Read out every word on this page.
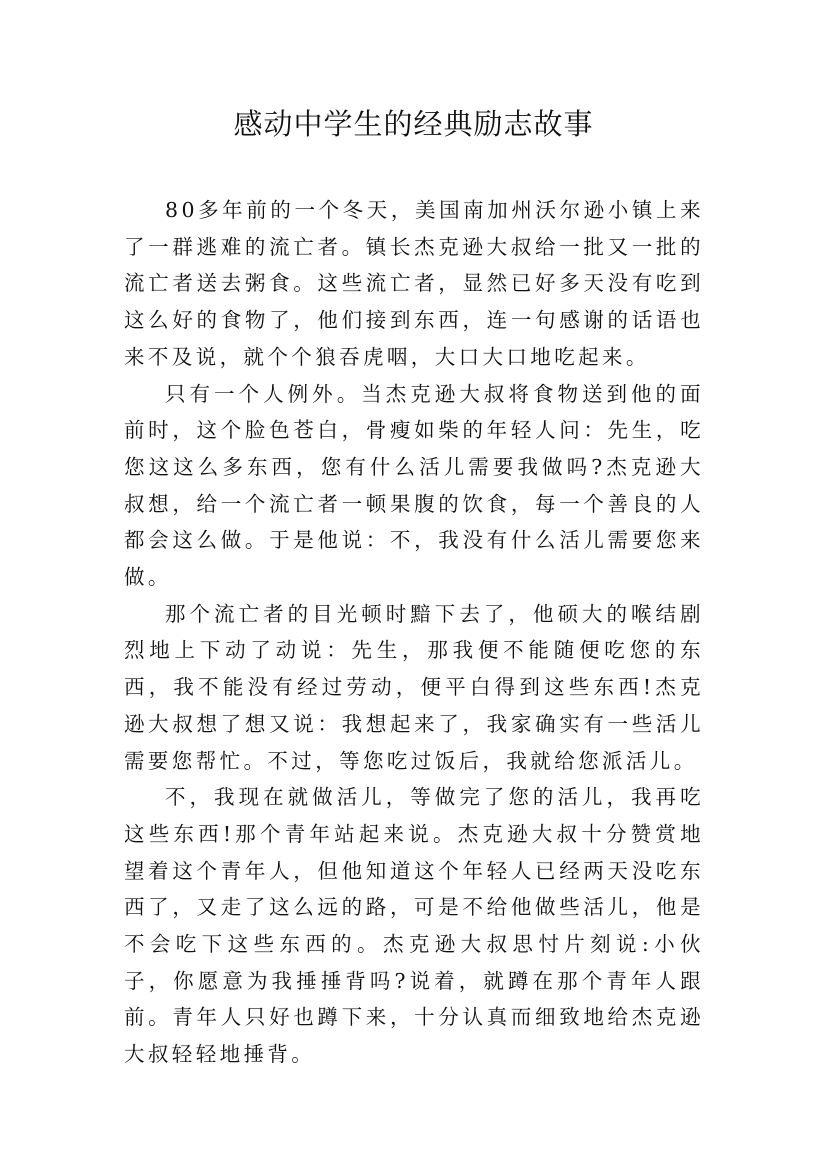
感动中学生的经典励志故事

80多年前的一个冬天，美国南加州沃尔逊小镇上来了一群逃难的流亡者。镇长杰克逊大叔给一批又一批的流亡者送去粥食。这些流亡者，显然已好多天没有吃到这么好的食物了，他们接到东西，连一句感谢的话语也来不及说，就个个狼吞虎咽，大口大口地吃起来。

只有一个人例外。当杰克逊大叔将食物送到他的面前时，这个脸色苍白，骨瘦如柴的年轻人问：先生，吃您这这么多东西，您有什么活儿需要我做吗?杰克逊大叔想，给一个流亡者一顿果腹的饮食，每一个善良的人都会这么做。于是他说：不，我没有什么活儿需要您来做。

那个流亡者的目光顿时黯下去了，他硕大的喉结剧烈地上下动了动说：先生，那我便不能随便吃您的东西，我不能没有经过劳动，便平白得到这些东西!杰克逊大叔想了想又说：我想起来了，我家确实有一些活儿需要您帮忙。不过，等您吃过饭后，我就给您派活儿。

不，我现在就做活儿，等做完了您的活儿，我再吃这些东西!那个青年站起来说。杰克逊大叔十分赞赏地望着这个青年人，但他知道这个年轻人已经两天没吃东西了，又走了这么远的路，可是不给他做些活儿，他是不会吃下这些东西的。杰克逊大叔思忖片刻说:小伙子，你愿意为我捶捶背吗?说着，就蹲在那个青年人跟前。青年人只好也蹲下来，十分认真而细致地给杰克逊大叔轻轻地捶背。
